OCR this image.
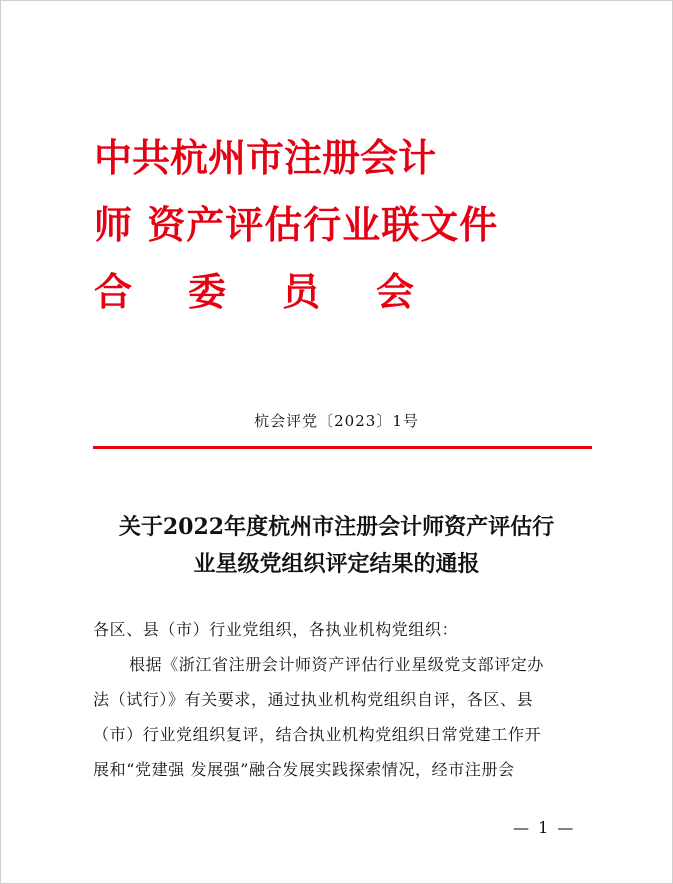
中共杭州市注册会计
师 资产评估行业联文件
合委员会
杭会评党〔2023〕1号
关于2022年度杭州市注册会计师资产评估行
业星级党组织评定结果的通报
各区、县（市）行业党组织，各执业机构党组织：
根据《浙江省注册会计师资产评估行业星级党支部评定办
法（试行）》有关要求，通过执业机构党组织自评，各区、县
（市）行业党组织复评，结合执业机构党组织日常党建工作开
展和“党建强 发展强”融合发展实践探索情况，经市注册会
— 1 —
